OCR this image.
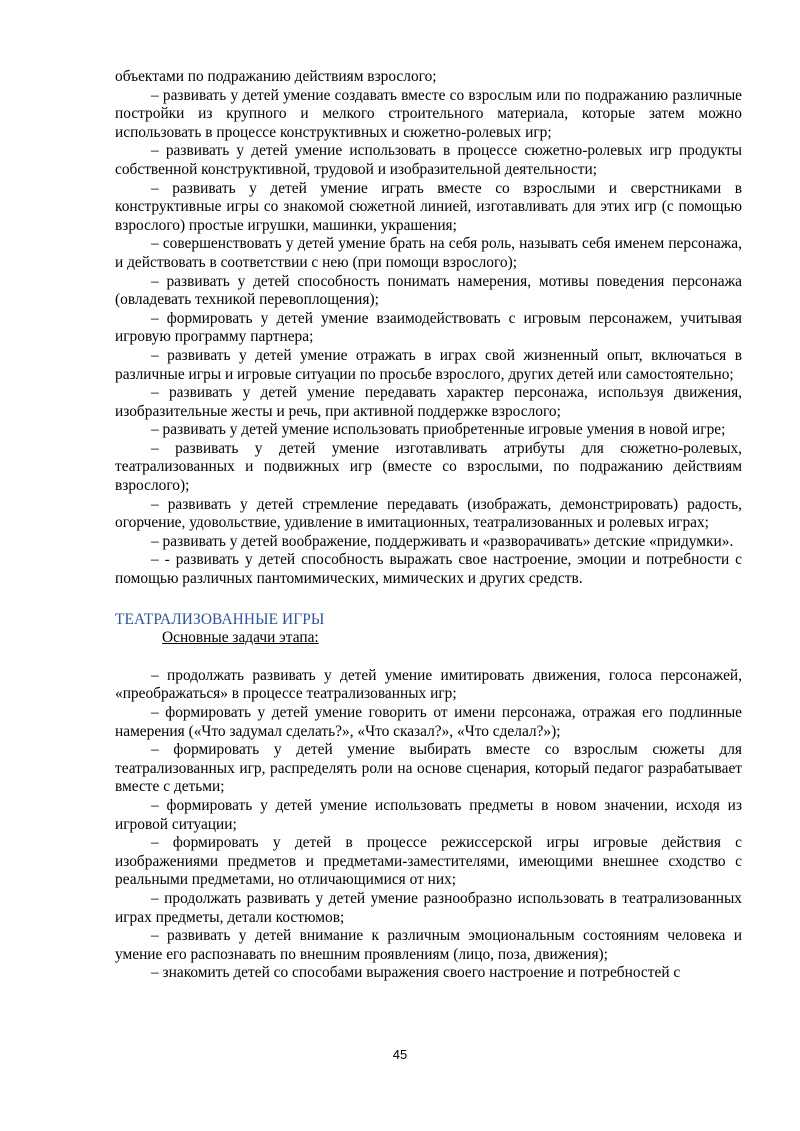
объектами по подражанию действиям взрослого;

– развивать у детей умение создавать вместе со взрослым или по подражанию различные постройки из крупного и мелкого строительного материала, которые затем можно использовать в процессе конструктивных и сюжетно-ролевых игр;

– развивать у детей умение использовать в процессе сюжетно-ролевых игр продукты собственной конструктивной, трудовой и изобразительной деятельности;

– развивать у детей умение играть вместе со взрослыми и сверстниками в конструктивные игры со знакомой сюжетной линией, изготавливать для этих игр (с помощью взрослого) простые игрушки, машинки, украшения;

– совершенствовать у детей умение брать на себя роль, называть себя именем персонажа, и действовать в соответствии с нею (при помощи взрослого);

– развивать у детей способность понимать намерения, мотивы поведения персонажа (овладевать техникой перевоплощения);

– формировать у детей умение взаимодействовать с игровым персонажем, учитывая игровую программу партнера;

– развивать у детей умение отражать в играх свой жизненный опыт, включаться в различные игры и игровые ситуации по просьбе взрослого, других детей или самостоятельно;

– развивать у детей умение передавать характер персонажа, используя движения, изобразительные жесты и речь, при активной поддержке взрослого;

– развивать у детей умение использовать приобретенные игровые умения в новой игре;

– развивать у детей умение изготавливать атрибуты для сюжетно-ролевых, театрализованных и подвижных игр (вместе со взрослыми, по подражанию действиям взрослого);

– развивать у детей стремление передавать (изображать, демонстрировать) радость, огорчение, удовольствие, удивление в имитационных, театрализованных и ролевых играх;

– развивать у детей воображение, поддерживать и «разворачивать» детские «придумки».

– - развивать у детей способность выражать свое настроение, эмоции и потребности с помощью различных пантомимических, мимических и других средств.

ТЕАТРАЛИЗОВАННЫЕ ИГРЫ

Основные задачи этапа:

– продолжать развивать у детей умение имитировать движения, голоса персонажей, «преображаться» в процессе театрализованных игр;

– формировать у детей умение говорить от имени персонажа, отражая его подлинные намерения («Что задумал сделать?», «Что сказал?», «Что сделал?»);

– формировать у детей умение выбирать вместе со взрослым сюжеты для театрализованных игр, распределять роли на основе сценария, который педагог разрабатывает вместе с детьми;

– формировать у детей умение использовать предметы в новом значении, исходя из игровой ситуации;

– формировать у детей в процессе режиссерской игры игровые действия с изображениями предметов и предметами-заместителями, имеющими внешнее сходство с реальными предметами, но отличающимися от них;

– продолжать развивать у детей умение разнообразно использовать в театрализованных играх предметы, детали костюмов;

– развивать у детей внимание к различным эмоциональным состояниям человека и умение его распознавать по внешним проявлениям (лицо, поза, движения);

– знакомить детей со способами выражения своего настроение и потребностей с

45
